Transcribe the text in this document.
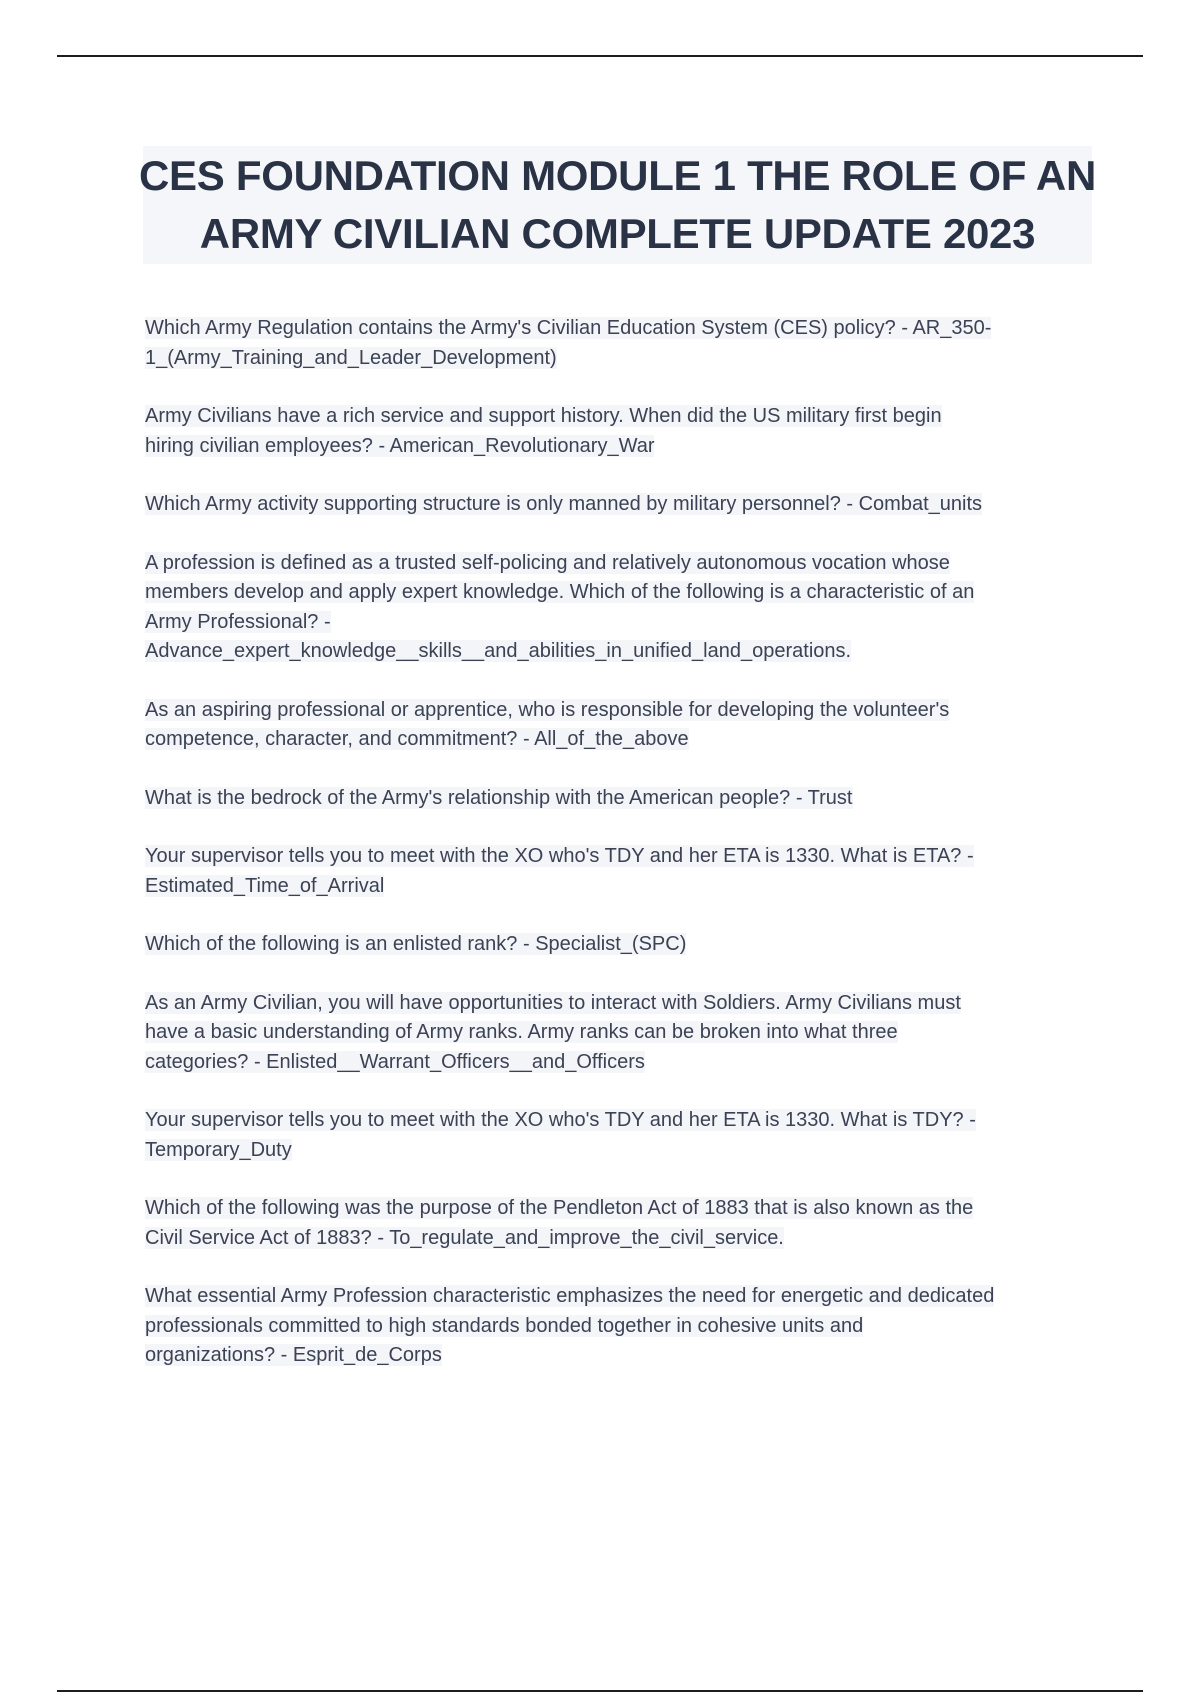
CES FOUNDATION MODULE 1 THE ROLE OF AN
ARMY CIVILIAN COMPLETE UPDATE 2023
Which Army Regulation contains the Army's Civilian Education System (CES) policy? - AR_350-
1_(Army_Training_and_Leader_Development)
Army Civilians have a rich service and support history. When did the US military first begin
hiring civilian employees? - American_Revolutionary_War
Which Army activity supporting structure is only manned by military personnel? - Combat_units
A profession is defined as a trusted self-policing and relatively autonomous vocation whose
members develop and apply expert knowledge. Which of the following is a characteristic of an
Army Professional? -
Advance_expert_knowledge__skills__and_abilities_in_unified_land_operations.
As an aspiring professional or apprentice, who is responsible for developing the volunteer's
competence, character, and commitment? - All_of_the_above
What is the bedrock of the Army's relationship with the American people? - Trust
Your supervisor tells you to meet with the XO who's TDY and her ETA is 1330. What is ETA? -
Estimated_Time_of_Arrival
Which of the following is an enlisted rank? - Specialist_(SPC)
As an Army Civilian, you will have opportunities to interact with Soldiers. Army Civilians must
have a basic understanding of Army ranks. Army ranks can be broken into what three
categories? - Enlisted__Warrant_Officers__and_Officers
Your supervisor tells you to meet with the XO who's TDY and her ETA is 1330. What is TDY? -
Temporary_Duty
Which of the following was the purpose of the Pendleton Act of 1883 that is also known as the
Civil Service Act of 1883? - To_regulate_and_improve_the_civil_service.
What essential Army Profession characteristic emphasizes the need for energetic and dedicated
professionals committed to high standards bonded together in cohesive units and
organizations? - Esprit_de_Corps
